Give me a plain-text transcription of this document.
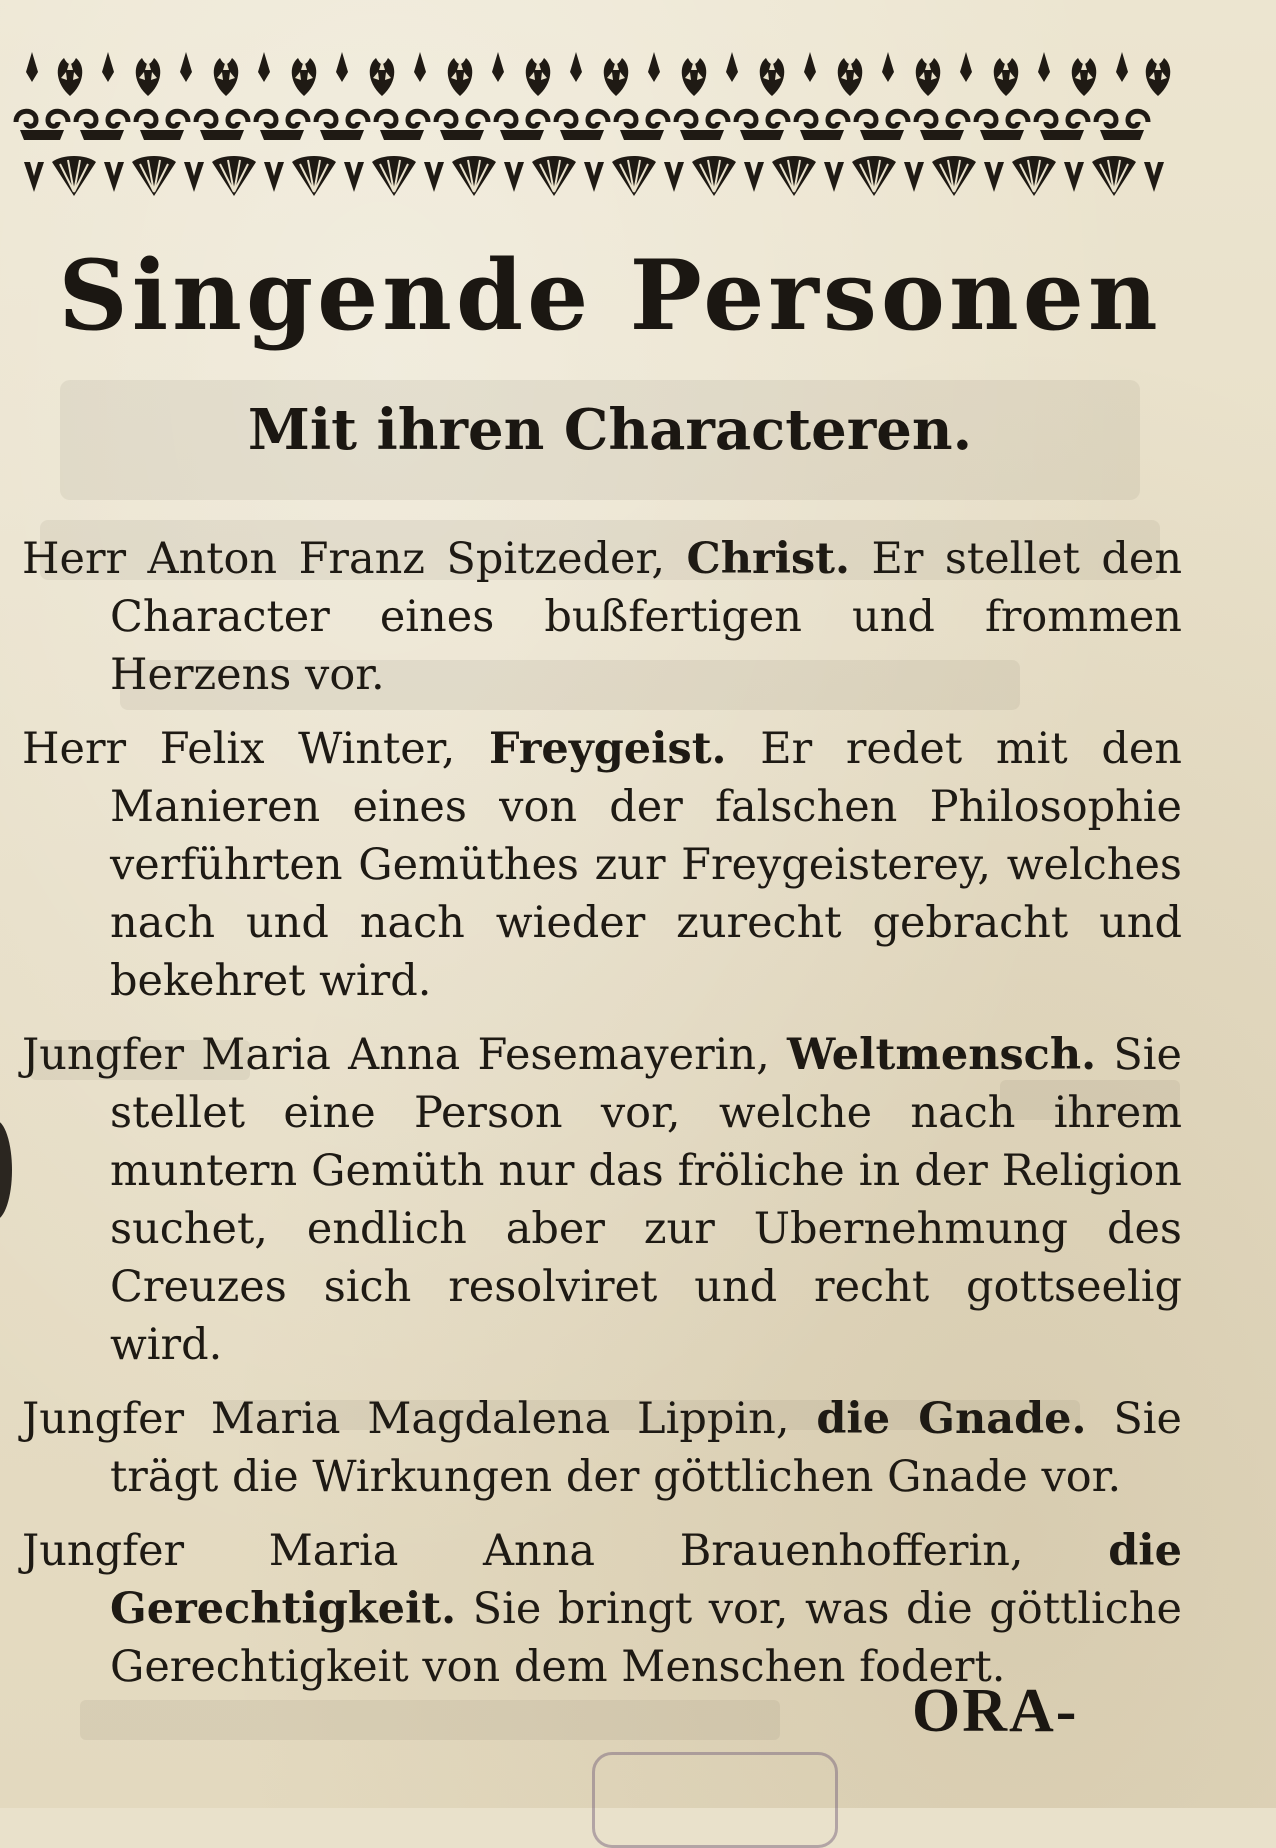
Singende Personen
Mit ihren Characteren.
Herr Anton Franz Spitzeder, Christ. Er stellet den Character eines bußfertigen und frommen Herzens vor.
Herr Felix Winter, Freygeist. Er redet mit den Manieren eines von der falschen Philosophie verführten Gemüthes zur Freygeisterey, welches nach und nach wieder zurecht gebracht und bekehret wird.
Jungfer Maria Anna Fesemayerin, Weltmensch. Sie stellet eine Person vor, welche nach ihrem muntern Gemüth nur das fröliche in der Religion suchet, endlich aber zur Ubernehmung des Creuzes sich resolviret und recht gottseelig wird.
Jungfer Maria Magdalena Lippin, die Gnade. Sie trägt die Wirkungen der göttlichen Gnade vor.
Jungfer Maria Anna Brauenhofferin, die Gerechtigkeit. Sie bringt vor, was die göttliche Gerechtigkeit von dem Menschen fodert.
ORA-
